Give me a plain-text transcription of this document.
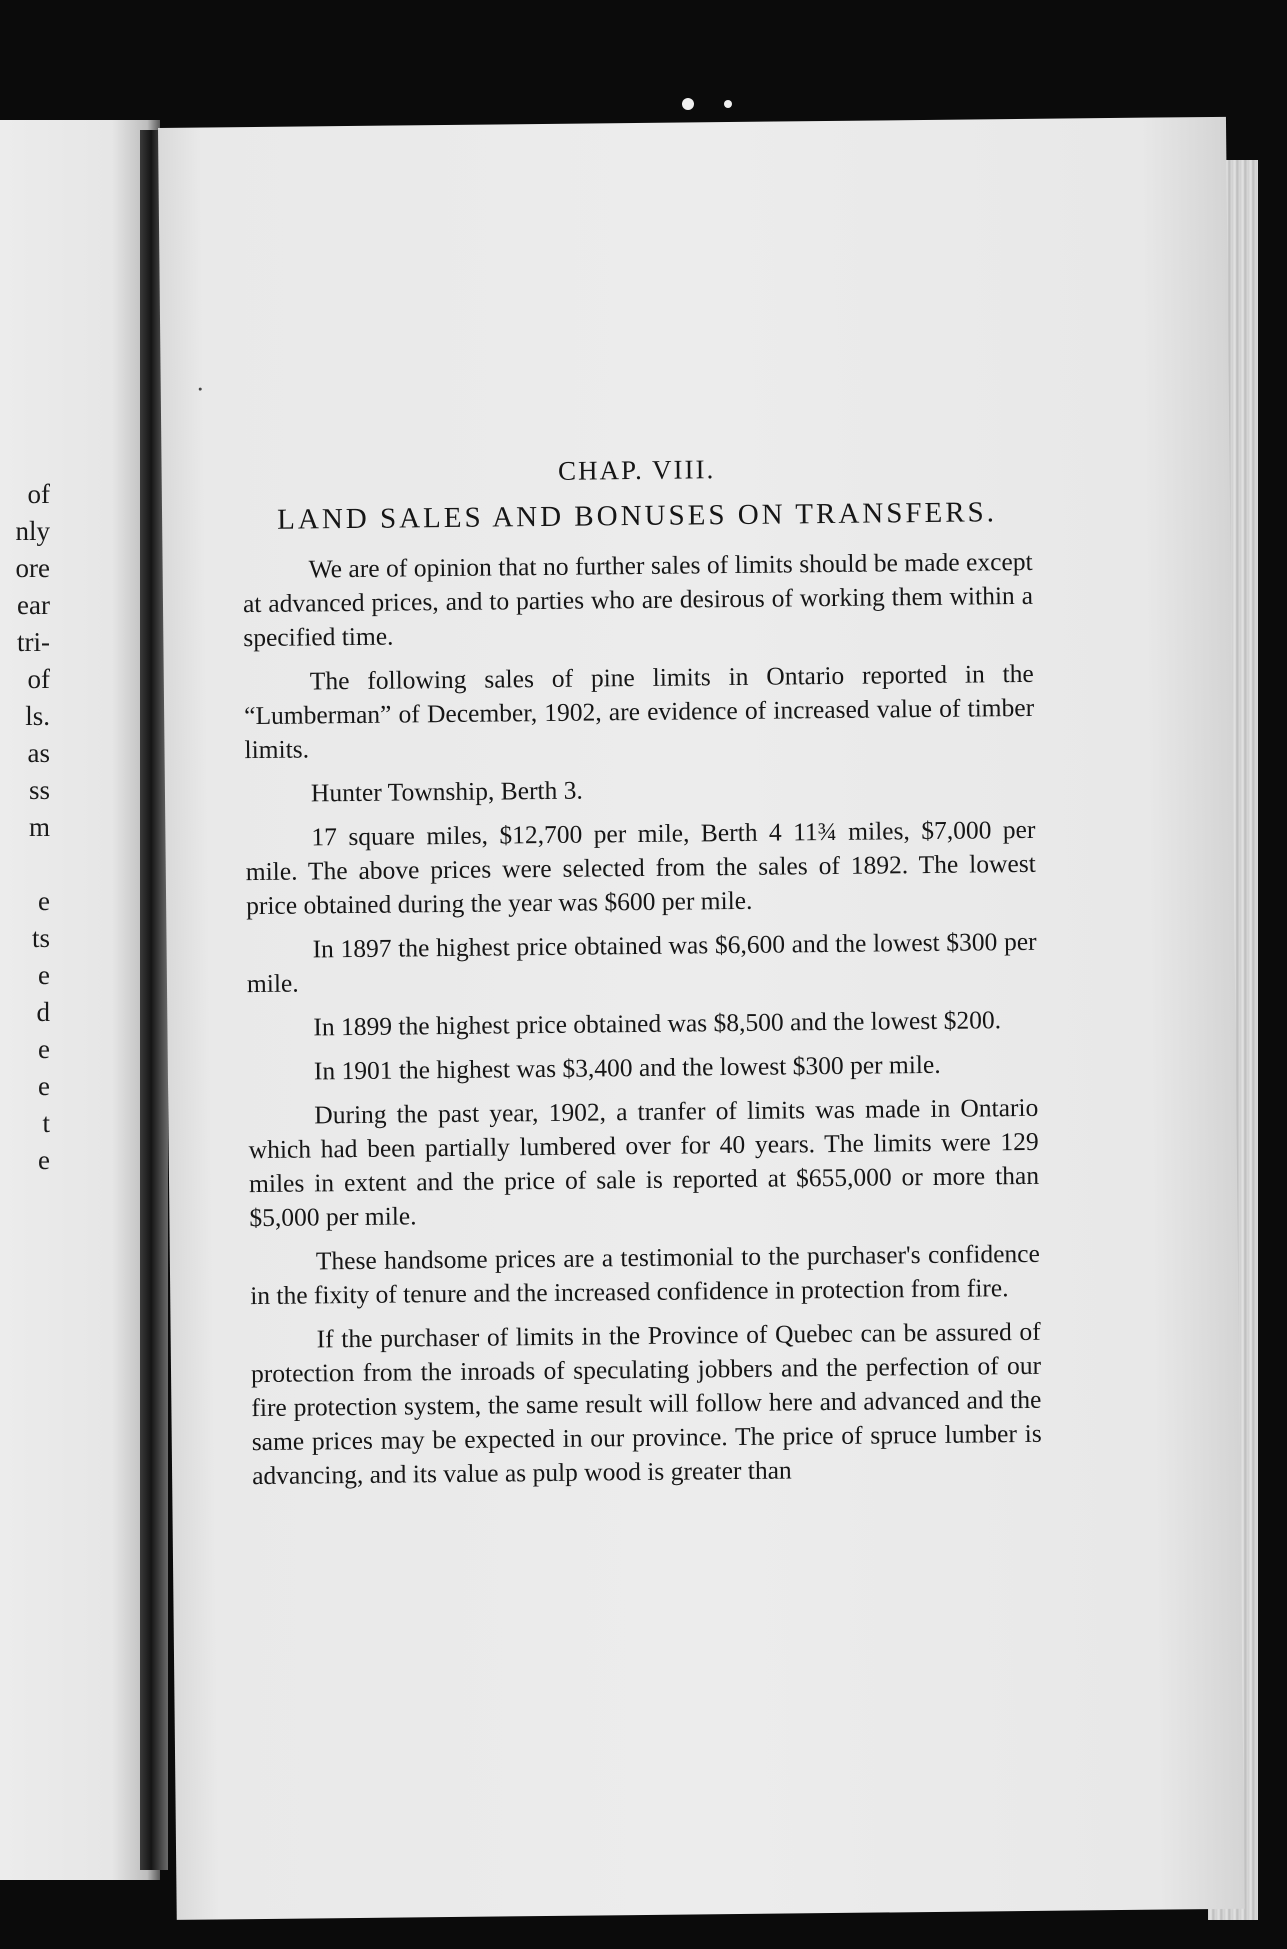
of
nly
ore
ear
tri-
of
ls.
as
ss
m

e
ts
e
d
e
e
t
e
CHAP. VIII.
LAND SALES AND BONUSES ON TRANSFERS.

We are of opinion that no further sales of limits should be made except at advanced prices, and to parties who are desirous of working them within a specified time.

The following sales of pine limits in Ontario reported in the “Lumberman” of December, 1902, are evidence of increased value of timber limits.

Hunter Township, Berth 3.

17 square miles, $12,700 per mile, Berth 4 11¾ miles, $7,000 per mile. The above prices were selected from the sales of 1892. The lowest price obtained during the year was $600 per mile.

In 1897 the highest price obtained was $6,600 and the lowest $300 per mile.

In 1899 the highest price obtained was $8,500 and the lowest $200.

In 1901 the highest was $3,400 and the lowest $300 per mile.

During the past year, 1902, a tranfer of limits was made in Ontario which had been partially lumbered over for 40 years. The limits were 129 miles in extent and the price of sale is reported at $655,000 or more than $5,000 per mile.

These handsome prices are a testimonial to the purchaser's confidence in the fixity of tenure and the increased confidence in protection from fire.

If the purchaser of limits in the Province of Quebec can be assured of protection from the inroads of speculating jobbers and the perfection of our fire protection system, the same result will follow here and advanced and the same prices may be expected in our province. The price of spruce lumber is advancing, and its value as pulp wood is greater than
